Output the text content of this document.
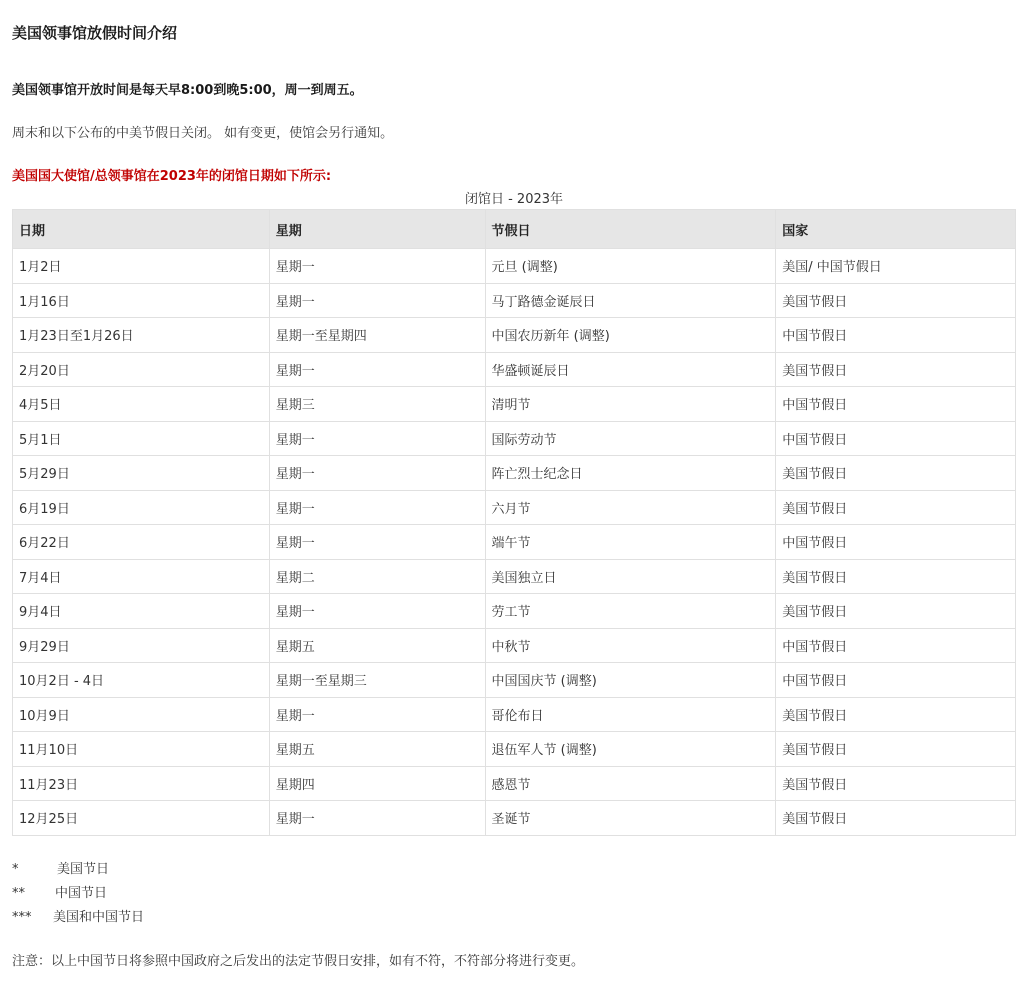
美国领事馆放假时间介绍
美国领事馆开放时间是每天早8:00到晚5:00，周一到周五。
周末和以下公布的中美节假日关闭。 如有变更，使馆会另行通知。
美国国大使馆/总领事馆在2023年的闭馆日期如下所示:
闭馆日 - 2023年
日期	星期	节假日	国家
1月2日	星期一	元旦 (调整)	美国/ 中国节假日
1月16日	星期一	马丁路德金诞辰日	美国节假日
1月23日至1月26日	星期一至星期四	中国农历新年 (调整)	中国节假日
2月20日	星期一	华盛顿诞辰日	美国节假日
4月5日	星期三	清明节	中国节假日
5月1日	星期一	国际劳动节	中国节假日
5月29日	星期一	阵亡烈士纪念日	美国节假日
6月19日	星期一	六月节	美国节假日
6月22日	星期一	端午节	中国节假日
7月4日	星期二	美国独立日	美国节假日
9月4日	星期一	劳工节	美国节假日
9月29日	星期五	中秋节	中国节假日
10月2日 - 4日	星期一至星期三	中国国庆节 (调整)	中国节假日
10月9日	星期一	哥伦布日	美国节假日
11月10日	星期五	退伍军人节 (调整)	美国节假日
11月23日	星期四	感恩节	美国节假日
12月25日	星期一	圣诞节	美国节假日
*	美国节日
** 中国节日
*** 美国和中国节日
注意：以上中国节日将参照中国政府之后发出的法定节假日安排，如有不符，不符部分将进行变更。
